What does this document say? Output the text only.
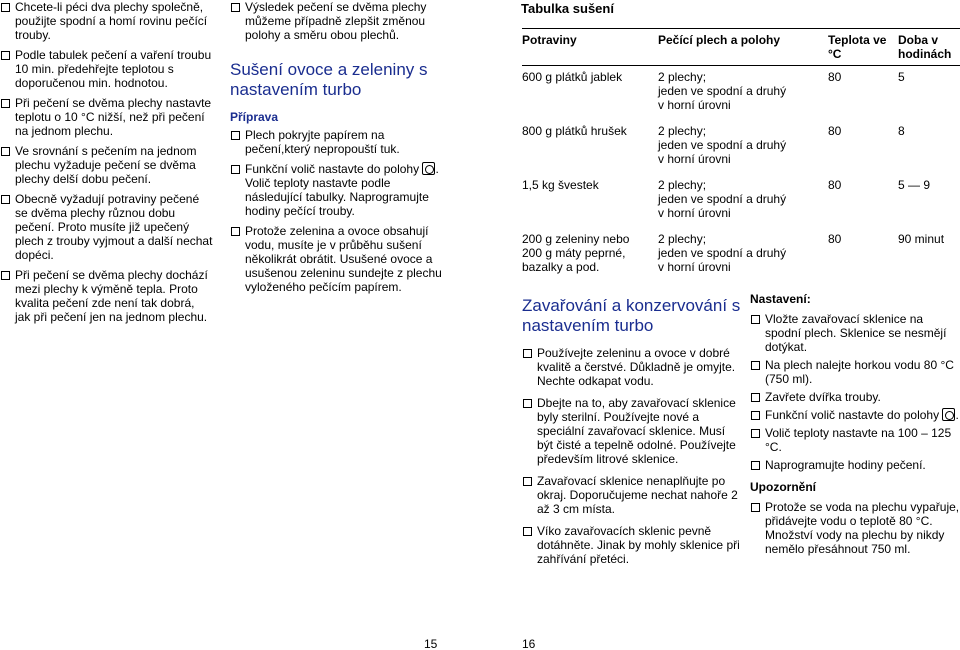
Chcete-li péci dva plechy společně, použijte spodní a homí rovinu pečící trouby.
Podle tabulek pečení a vaření troubu 10 min. předehřejte teplotou s doporučenou min. hodnotou.
Při pečení se dvěma plechy nastavte teplotu o 10 °C nižší, než při pečení na jednom plechu.
Ve srovnání s pečením na jednom plechu vyžaduje pečení se dvěma plechy delší dobu pečení.
Obecně vyžadují potraviny pečené se dvěma plechy různou dobu pečení. Proto musíte již upečený plech z trouby vyjmout a další nechat dopéci.
Při pečení se dvěma plechy dochází mezi plechy k výměně tepla. Proto kvalita pečení zde není tak dobrá, jak při pečení jen na jednom plechu.
Výsledek pečení se dvěma plechy můžeme případně zlepšit změnou polohy a směru obou plechů.
Sušení ovoce a zeleniny s nastavením turbo
Příprava
Plech pokryjte papírem na pečení,který nepropouští tuk.
Funkční volič nastavte do polohy . Volič teploty nastavte podle následující tabulky. Naprogramujte hodiny pečící trouby.
Protože zelenina a ovoce obsahují vodu, musíte je v průběhu sušení několikrát obrátit. Usušené ovoce a usušenou zeleninu sundejte z plechu vyloženého pečícím papírem.
Tabulka sušení
Potraviny	Pečící plech a polohy	Teplota ve °C	Doba v hodinách
600 g plátků jablek	2 plechy;
jeden ve spodní a druhý
v horní úrovni	80	5
800 g plátků hrušek	2 plechy;
jeden ve spodní a druhý
v horní úrovni	80	8
1,5 kg švestek	2 plechy;
jeden ve spodní a druhý
v horní úrovni	80	5 — 9
200 g zeleniny nebo
200 g máty peprné,
bazalky a pod.	2 plechy;
jeden ve spodní a druhý
v horní úrovni	80	90 minut
Zavařování a konzervování s nastavením turbo
Používejte zeleninu a ovoce v dobré kvalitě a čerstvé. Důkladně je omyjte. Nechte odkapat vodu.
Dbejte na to, aby zavařovací sklenice byly sterilní. Používejte nové a speciální zavařovací sklenice. Musí být čisté a tepelně odolné. Používejte především litrové sklenice.
Zavařovací sklenice nenaplňujte po okraj. Doporučujeme nechat nahoře 2 až 3 cm místa.
Víko zavařovacích sklenic pevně dotáhněte. Jinak by mohly sklenice při zahřívání přetéci.
Nastavení:
Vložte zavařovací sklenice na spodní plech. Sklenice se nesmějí dotýkat.
Na plech nalejte horkou vodu 80 °C (750 ml).
Zavřete dvířka trouby.
Funkční volič nastavte do polohy .
Volič teploty nastavte na 100 – 125 °C.
Naprogramujte hodiny pečení.
Upozornění
Protože se voda na plechu vypařuje, přidávejte vodu o teplotě 80 °C. Množství vody na plechu by nikdy nemělo přesáhnout 750 ml.
15	16
